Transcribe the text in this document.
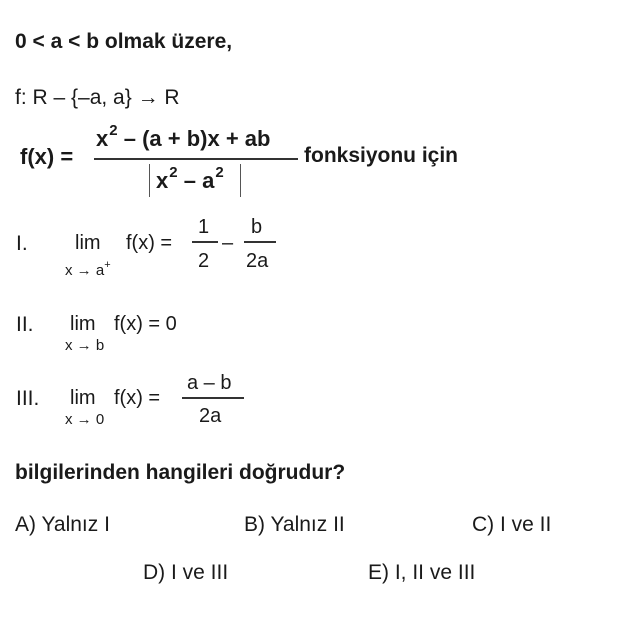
0 < a < b olmak üzere,
f: R – {–a, a} → R
f(x) =
$x^2 - (a + b)x$ + ab
$x^2 - a^2$
fonksiyonu için
I. lim
x → a+
f(x) =
1
2
–
b
2a
II. lim
x → b
f(x) = 0
III. lim
x → 0
f(x) =
a – b
2a
bilgilerinden hangileri doğrudur?
A) Yalnız I	B) Yalnız II	C) I ve II
D) I ve III	E) I, II ve III
